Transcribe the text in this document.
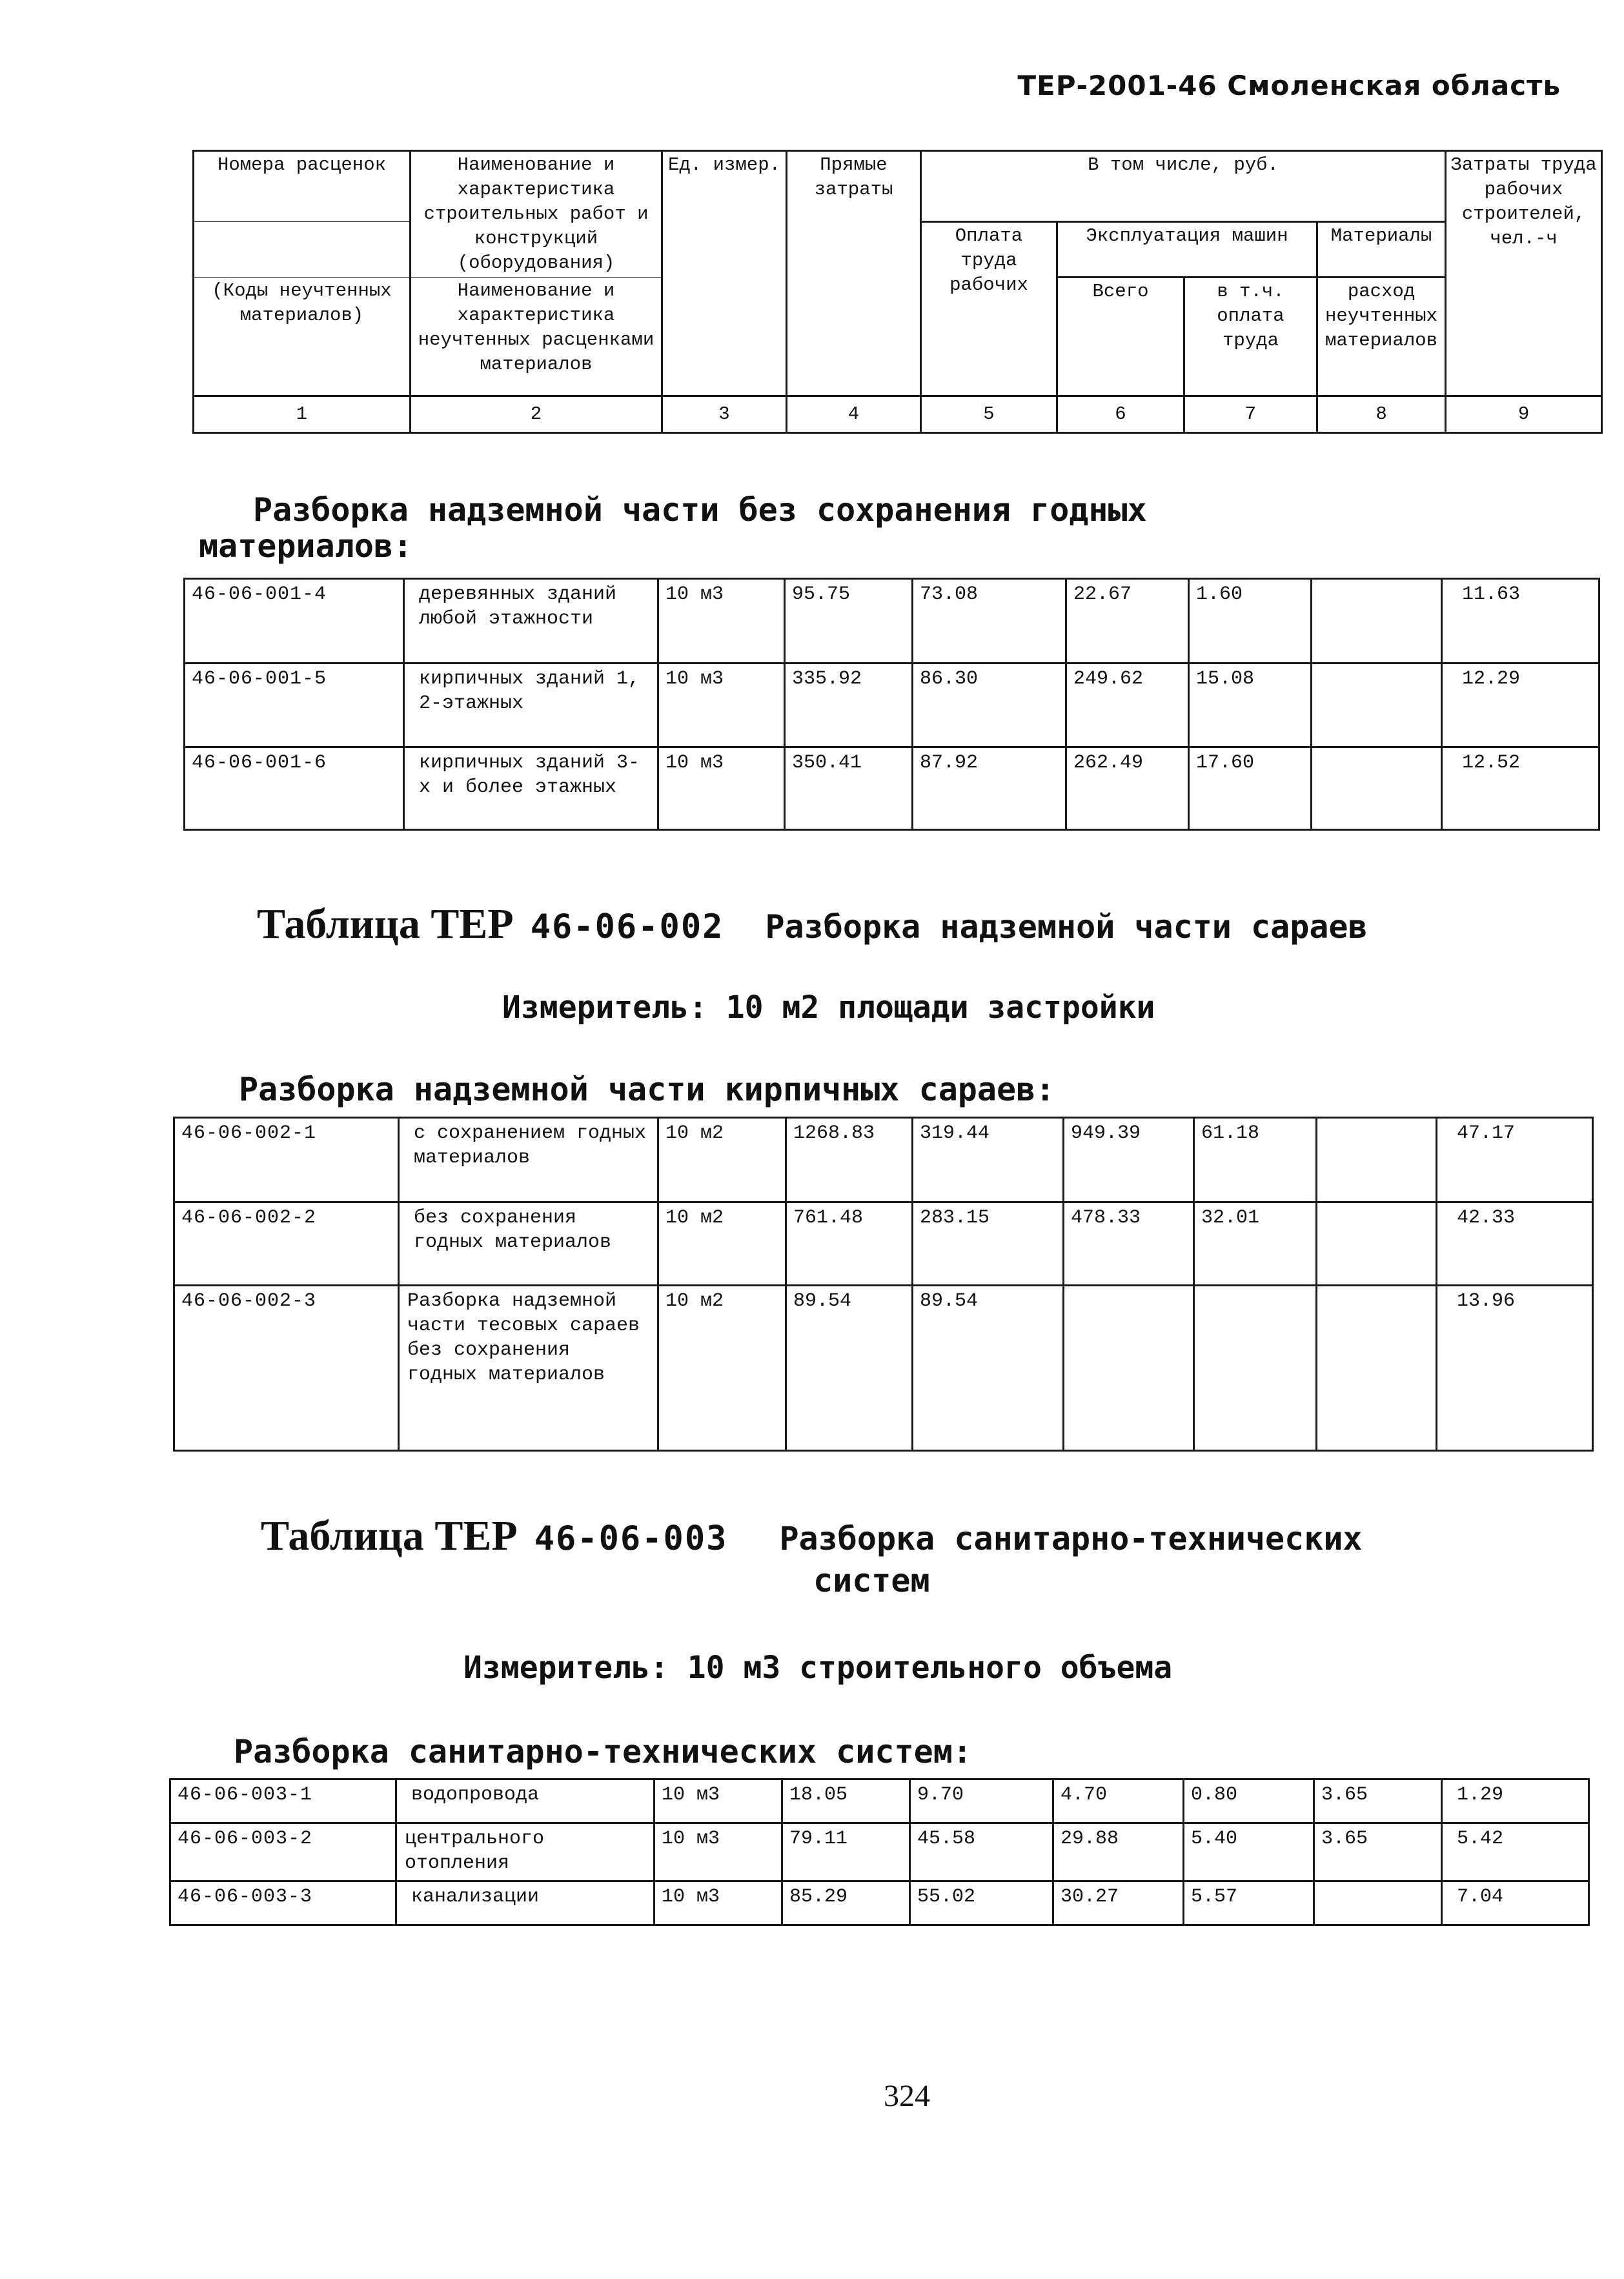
ТЕР-2001-46 Смоленская область
Номера расценок	Наименование и характеристика строительных работ и конструкций (оборудования)	Ед. измер.	Прямые затраты	В том числе, руб.				Затраты труда рабочих строителей, чел.-ч
				Оплата труда рабочих	Эксплуатация машин		Материалы	
(Коды неучтенных материалов)	Наименование и характеристика неучтенных расценками материалов				Всего	в т.ч. оплата труда	расход неучтенных материалов	

1	2	3	4	5	6	7	8	9
Разборка надземной части без сохранения годных
материалов:
46-06-001-4	деревянных зданий любой этажности	10 м3	95.75	73.08	22.67	1.60		11.63
46-06-001-5	кирпичных зданий 1, 2-этажных	10 м3	335.92	86.30	249.62	15.08		12.29
46-06-001-6	кирпичных зданий 3-х и более этажных	10 м3	350.41	87.92	262.49	17.60		12.52
Таблица ТЕР 46-06-002 Разборка надземной части сараев
Измеритель: 10 м2 площади застройки
Разборка надземной части кирпичных сараев:
46-06-002-1	с сохранением годных материалов	10 м2	1268.83	319.44	949.39	61.18		47.17
46-06-002-2	без сохранения годных материалов	10 м2	761.48	283.15	478.33	32.01		42.33
46-06-002-3	Разборка надземной части тесовых сараев без сохранения годных материалов	10 м2	89.54	89.54				13.96
Таблица ТЕР 46-06-003 Разборка санитарно-технических
систем
Измеритель: 10 м3 строительного объема
Разборка санитарно-технических систем:
46-06-003-1	водопровода	10 м3	18.05	9.70	4.70	0.80	3.65	1.29
46-06-003-2	центрального отопления	10 м3	79.11	45.58	29.88	5.40	3.65	5.42
46-06-003-3	канализации	10 м3	85.29	55.02	30.27	5.57		7.04
324
